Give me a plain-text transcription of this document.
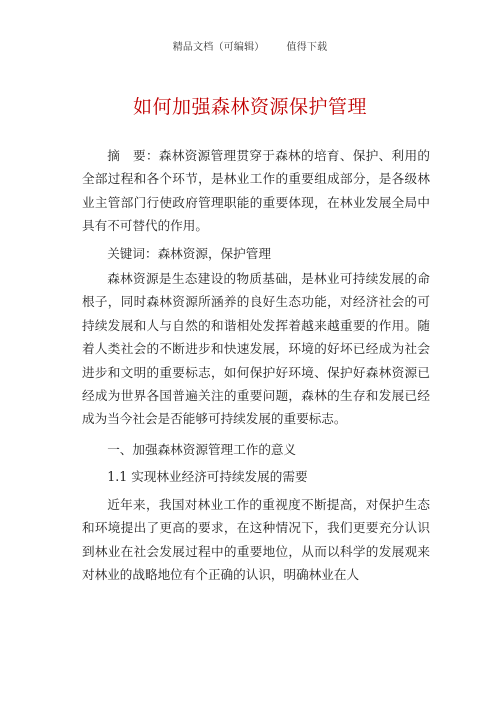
精品文档（可编辑） 值得下载
如何加强森林资源保护管理

摘　要：森林资源管理贯穿于森林的培育、保护、利用的全部过程和各个环节，是林业工作的重要组成部分，是各级林业主管部门行使政府管理职能的重要体现，在林业发展全局中具有不可替代的作用。

关键词：森林资源，保护管理

森林资源是生态建设的物质基础，是林业可持续发展的命根子，同时森林资源所涵养的良好生态功能，对经济社会的可持续发展和人与自然的和谐相处发挥着越来越重要的作用。随着人类社会的不断进步和快速发展，环境的好坏已经成为社会进步和文明的重要标志，如何保护好环境、保护好森林资源已经成为世界各国普遍关注的重要问题，森林的生存和发展已经成为当今社会是否能够可持续发展的重要标志。

一、加强森林资源管理工作的意义

1.1 实现林业经济可持续发展的需要

近年来，我国对林业工作的重视度不断提高，对保护生态和环境提出了更高的要求，在这种情况下，我们更要充分认识到林业在社会发展过程中的重要地位，从而以科学的发展观来对林业的战略地位有个正确的认识，明确林业在人
